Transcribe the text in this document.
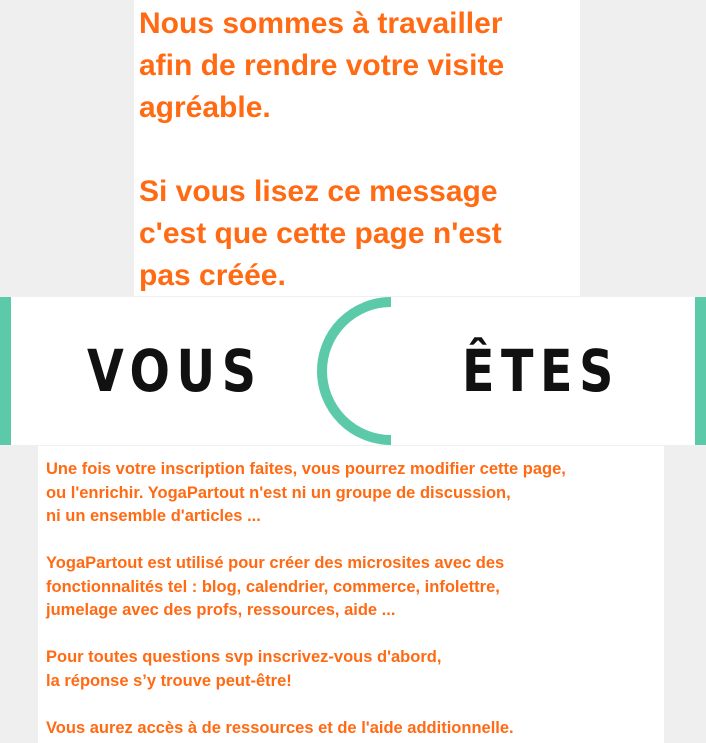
Nous sommes à travailler
afin de rendre votre visite
agréable.
Si vous lisez ce message
c'est que cette page n'est
pas créée.
VOUS	ÊTES
Une fois votre inscription faites, vous pourrez modifier cette page,
ou l'enrichir. YogaPartout n'est ni un groupe de discussion,
ni un ensemble d'articles ...
YogaPartout est utilisé pour créer des microsites avec des
fonctionnalités tel : blog, calendrier, commerce, infolettre,
jumelage avec des profs, ressources, aide ...
Pour toutes questions svp inscrivez-vous d'abord,
la réponse s’y trouve peut-être!
Vous aurez accès à de ressources et de l'aide additionnelle.
